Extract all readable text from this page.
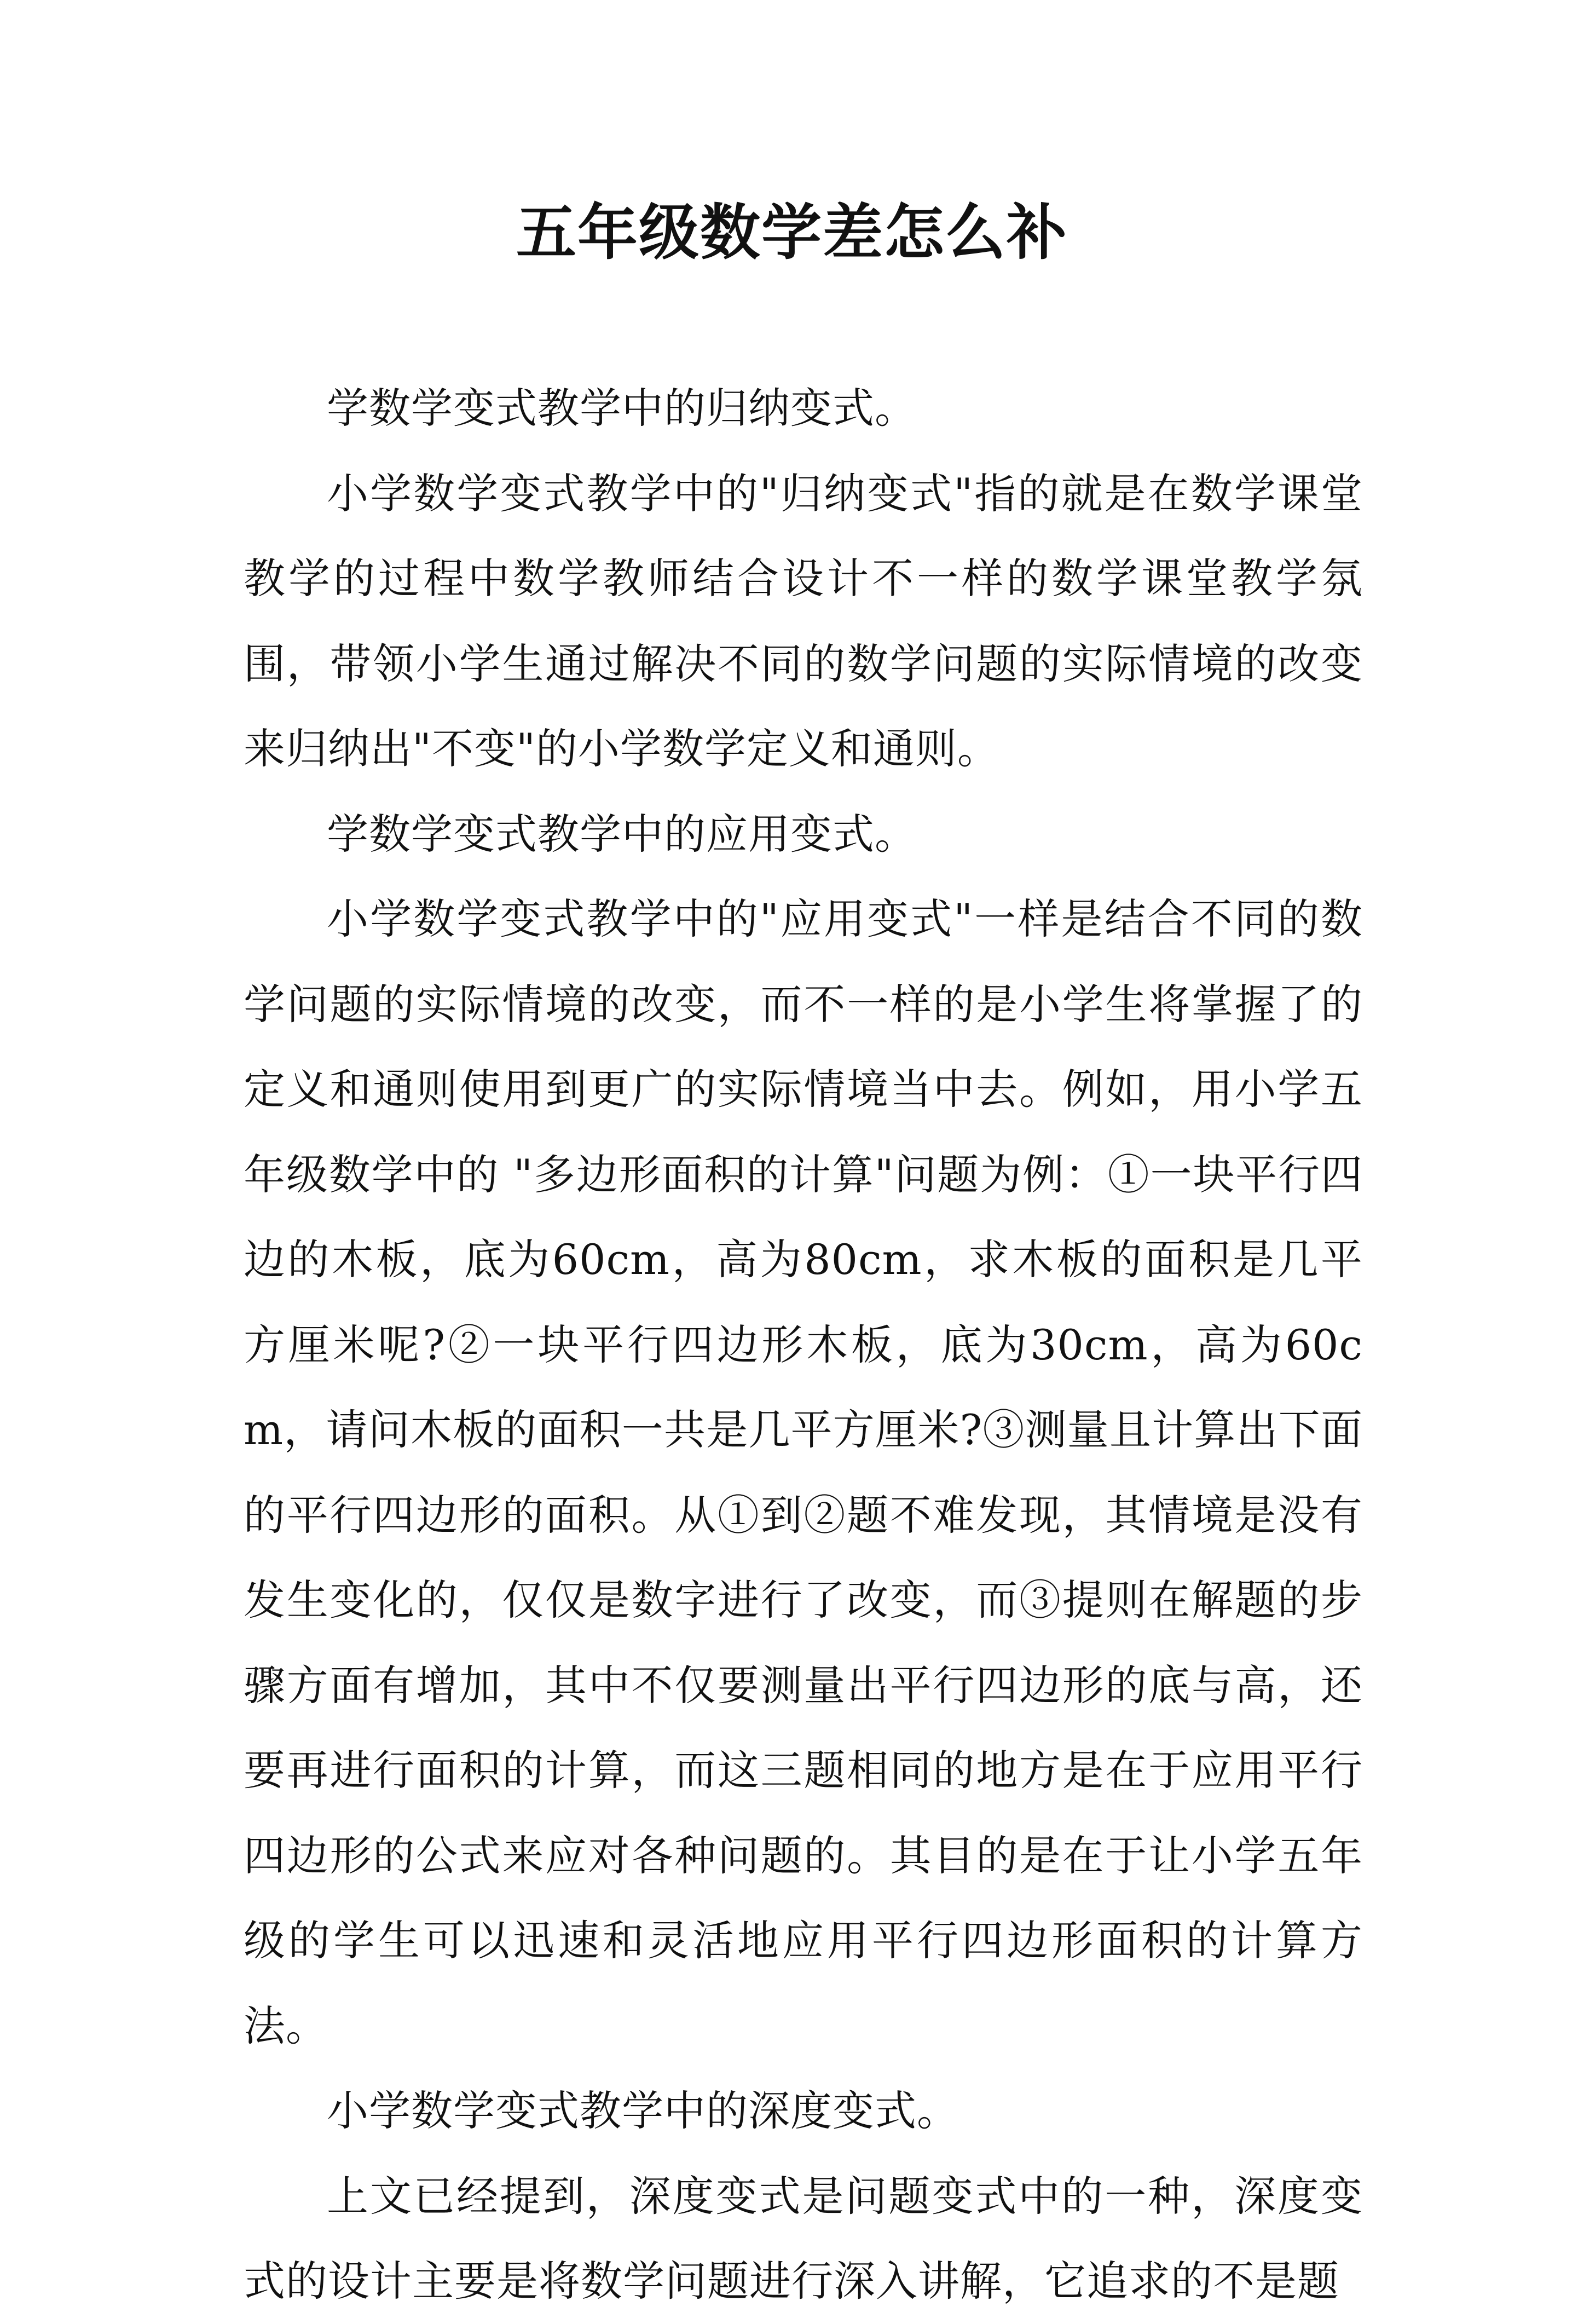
五年级数学差怎么补

学数学变式教学中的归纳变式。

小学数学变式教学中的"归纳变式"指的就是在数学课堂教学的过程中数学教师结合设计不一样的数学课堂教学氛围，带领小学生通过解决不同的数学问题的实际情境的改变来归纳出"不变"的小学数学定义和通则。

学数学变式教学中的应用变式。

小学数学变式教学中的"应用变式"一样是结合不同的数学问题的实际情境的改变，而不一样的是小学生将掌握了的定义和通则使用到更广的实际情境当中去。例如，用小学五年级数学中的 "多边形面积的计算"问题为例：①一块平行四边的木板，底为60cm，高为80cm，求木板的面积是几平方厘米呢?②一块平行四边形木板，底为30cm，高为60cm，请问木板的面积一共是几平方厘米?③测量且计算出下面的平行四边形的面积。从①到②题不难发现，其情境是没有发生变化的，仅仅是数字进行了改变，而③提则在解题的步骤方面有增加，其中不仅要测量出平行四边形的底与高，还要再进行面积的计算，而这三题相同的地方是在于应用平行四边形的公式来应对各种问题的。其目的是在于让小学五年级的学生可以迅速和灵活地应用平行四边形面积的计算方法。

小学数学变式教学中的深度变式。

上文已经提到，深度变式是问题变式中的一种，深度变式的设计主要是将数学问题进行深入讲解，它追求的不是题
